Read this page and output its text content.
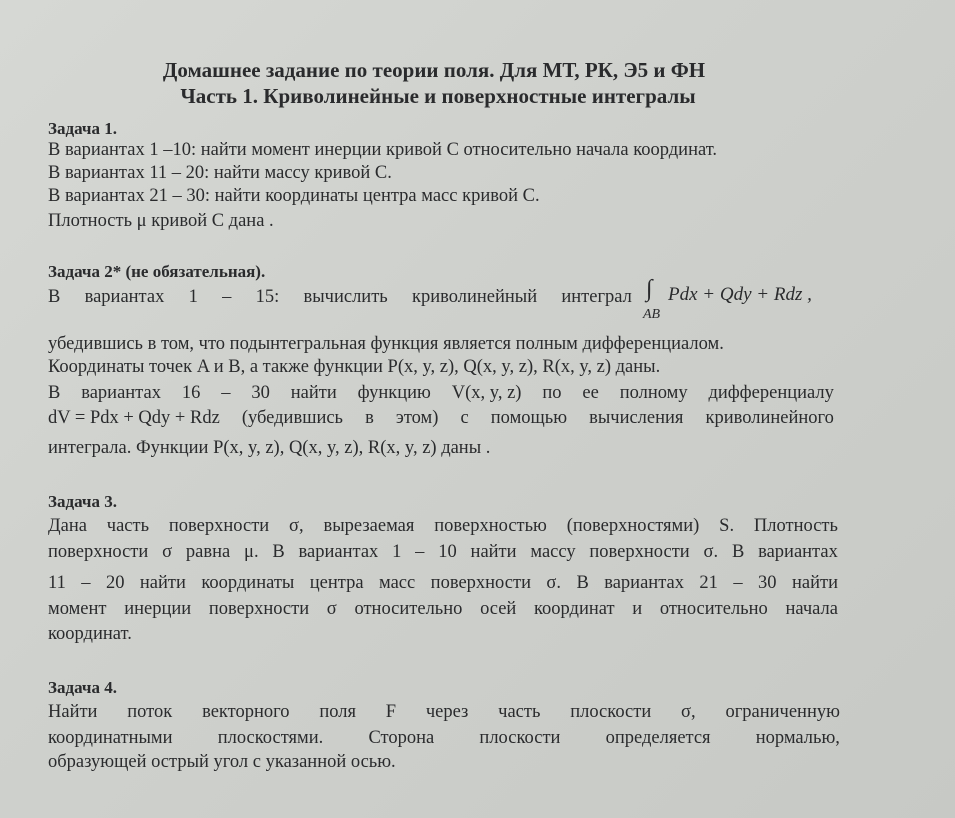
Домашнее задание по теории поля. Для МТ, РК, Э5 и ФН
Часть 1. Криволинейные и поверхностные интегралы
Задача 1.
В вариантах 1 –10: найти момент инерции кривой C относительно начала координат.
В вариантах 11 – 20: найти массу кривой C.
В вариантах 21 – 30: найти координаты центра масс кривой C.
Плотность μ кривой C дана .
Задача 2* (не обязательная).
В вариантах 1 – 15: вычислить криволинейный интеграл ∫ Pdx + Qdy + Rdz ,
AB
убедившись в том, что подынтегральная функция является полным дифференциалом.
Координаты точек A и B, а также функции P(x, y, z), Q(x, y, z), R(x, y, z) даны.
В вариантах 16 – 30 найти функцию V(x, y, z) по ее полному дифференциалу
dV = Pdx + Qdy + Rdz (убедившись в этом) с помощью вычисления криволинейного
интеграла. Функции P(x, y, z), Q(x, y, z), R(x, y, z) даны .
Задача 3.
Дана часть поверхности σ, вырезаемая поверхностью (поверхностями) S. Плотность
поверхности σ равна μ. В вариантах 1 – 10 найти массу поверхности σ. В вариантах
11 – 20 найти координаты центра масс поверхности σ. В вариантах 21 – 30 найти
момент инерции поверхности σ относительно осей координат и относительно начала
координат.
Задача 4.
Найти поток векторного поля F через часть плоскости σ, ограниченную
координатными плоскостями. Сторона плоскости определяется нормалью,
образующей острый угол с указанной осью.
